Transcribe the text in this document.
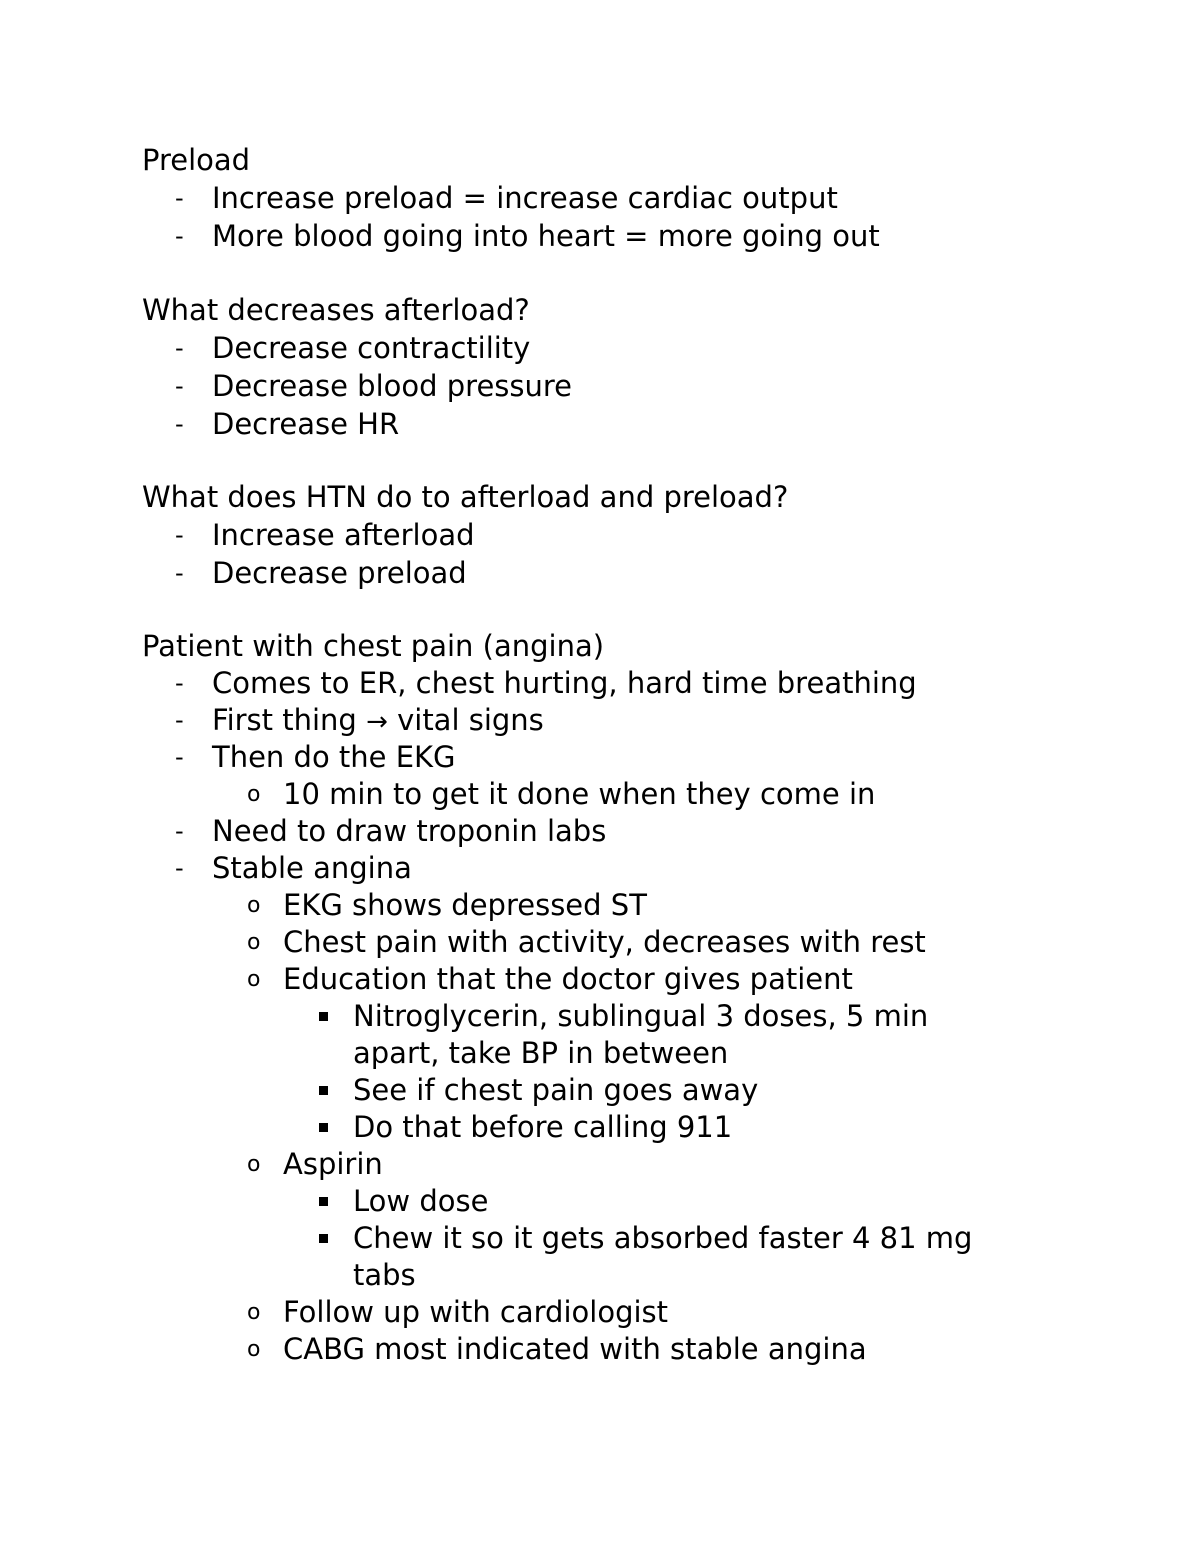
Preload
- Increase preload = increase cardiac output
- More blood going into heart = more going out
What decreases afterload?
- Decrease contractility
- Decrease blood pressure
- Decrease HR
What does HTN do to afterload and preload?
- Increase afterload
- Decrease preload
Patient with chest pain (angina)
- Comes to ER, chest hurting, hard time breathing
- First thing → vital signs
- Then do the EKG
o 10 min to get it done when they come in
- Need to draw troponin labs
- Stable angina
o EKG shows depressed ST
o Chest pain with activity, decreases with rest
o Education that the doctor gives patient
Nitroglycerin, sublingual 3 doses, 5 min
apart, take BP in between
See if chest pain goes away
Do that before calling 911
o Aspirin
Low dose
Chew it so it gets absorbed faster 4 81 mg
tabs
o Follow up with cardiologist
o CABG most indicated with stable angina
